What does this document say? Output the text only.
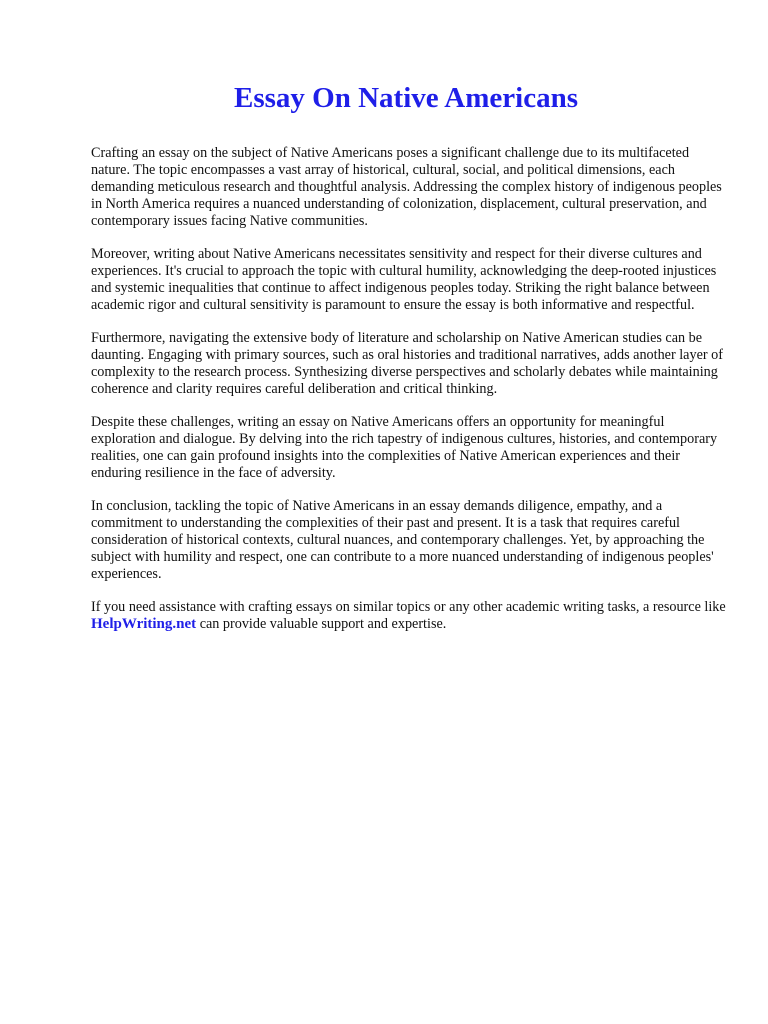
Essay On Native Americans

Crafting an essay on the subject of Native Americans poses a significant challenge due to its multifaceted nature. The topic encompasses a vast array of historical, cultural, social, and political dimensions, each demanding meticulous research and thoughtful analysis. Addressing the complex history of indigenous peoples in North America requires a nuanced understanding of colonization, displacement, cultural preservation, and contemporary issues facing Native communities.

Moreover, writing about Native Americans necessitates sensitivity and respect for their diverse cultures and experiences. It's crucial to approach the topic with cultural humility, acknowledging the deep-rooted injustices and systemic inequalities that continue to affect indigenous peoples today. Striking the right balance between academic rigor and cultural sensitivity is paramount to ensure the essay is both informative and respectful.

Furthermore, navigating the extensive body of literature and scholarship on Native American studies can be daunting. Engaging with primary sources, such as oral histories and traditional narratives, adds another layer of complexity to the research process. Synthesizing diverse perspectives and scholarly debates while maintaining coherence and clarity requires careful deliberation and critical thinking.

Despite these challenges, writing an essay on Native Americans offers an opportunity for meaningful exploration and dialogue. By delving into the rich tapestry of indigenous cultures, histories, and contemporary realities, one can gain profound insights into the complexities of Native American experiences and their enduring resilience in the face of adversity.

In conclusion, tackling the topic of Native Americans in an essay demands diligence, empathy, and a commitment to understanding the complexities of their past and present. It is a task that requires careful consideration of historical contexts, cultural nuances, and contemporary challenges. Yet, by approaching the subject with humility and respect, one can contribute to a more nuanced understanding of indigenous peoples' experiences.

If you need assistance with crafting essays on similar topics or any other academic writing tasks, a resource like HelpWriting.net can provide valuable support and expertise.
